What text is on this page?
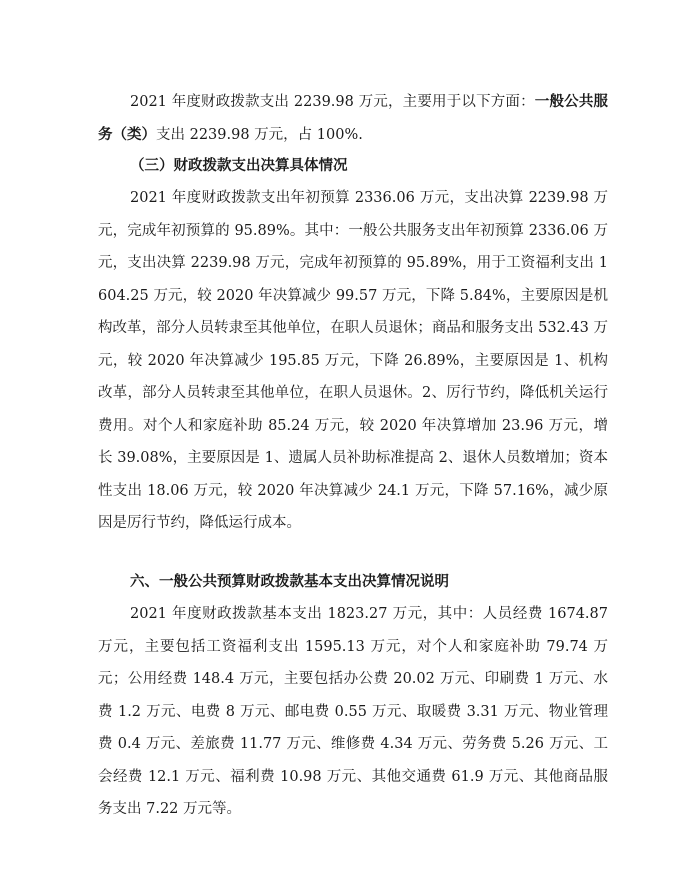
2021 年度财政拨款支出 2239.98 万元，主要用于以下方面：一般公共服务（类）支出 2239.98 万元，占 100%.

（三）财政拨款支出决算具体情况

2021 年度财政拨款支出年初预算 2336.06 万元，支出决算 2239.98 万元，完成年初预算的 95.89%。其中：一般公共服务支出年初预算 2336.06 万元，支出决算 2239.98 万元，完成年初预算的 95.89%，用于工资福利支出 1604.25 万元，较 2020 年决算减少 99.57 万元，下降 5.84%，主要原因是机构改革，部分人员转隶至其他单位，在职人员退休；商品和服务支出 532.43 万元，较 2020 年决算减少 195.85 万元，下降 26.89%，主要原因是 1、机构改革，部分人员转隶至其他单位，在职人员退休。2、厉行节约，降低机关运行费用。对个人和家庭补助 85.24 万元，较 2020 年决算增加 23.96 万元，增长 39.08%，主要原因是 1、遗属人员补助标准提高 2、退休人员数增加；资本性支出 18.06 万元，较 2020 年决算减少 24.1 万元，下降 57.16%，减少原因是厉行节约，降低运行成本。

六、一般公共预算财政拨款基本支出决算情况说明

2021 年度财政拨款基本支出 1823.27 万元，其中：人员经费 1674.87 万元，主要包括工资福利支出 1595.13 万元，对个人和家庭补助 79.74 万元；公用经费 148.4 万元，主要包括办公费 20.02 万元、印刷费 1 万元、水费 1.2 万元、电费 8 万元、邮电费 0.55 万元、取暖费 3.31 万元、物业管理费 0.4 万元、差旅费 11.77 万元、维修费 4.34 万元、劳务费 5.26 万元、工会经费 12.1 万元、福利费 10.98 万元、其他交通费 61.9 万元、其他商品服务支出 7.22 万元等。
